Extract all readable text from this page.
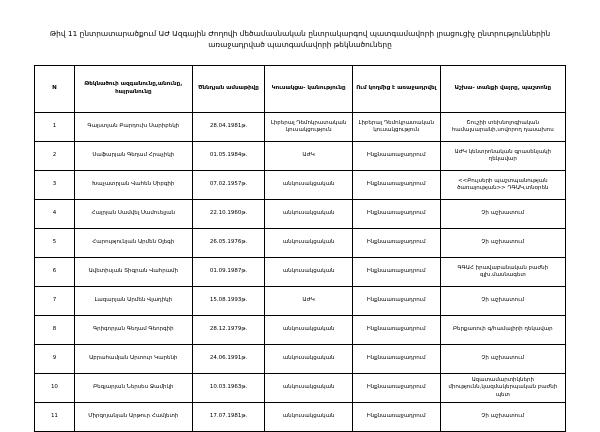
Թիվ 11 ընտրատարածքում ԱԺ Ազգային Ժողովի մեծամասնական ընտրակարգով պատգամավորի լրացուցիչ ընտրություններին առաջադրված պատգամավորի թեկնածուները

N	Թեկնածուի ազգանունը,անունը, հայրանունը	Ծննդյան ամսաթիվը	Կուսակցա- կանությունը	Ում կողմից է առաջադրվել	Աշխա- տանքի վայրը, պաշտոնը
1	Գալստյան Բարդուխ Սարիբեկի	28.04.1981թ.	Լիբերալ Դեմոկրատական կուսակցություն	Լիբերալ Դեմոկրատական կուսակցություն	Շուշիի տեխնոլոգիական համալսարանի,սովորող դասախոս
2	Սաֆարյան Գեղամ Հրաչիկի	01.05.1984թ.	ԱԺԿ	Ինքնաառաջադրում	ԱԺԿ կենտրոնական գրասենյակի ղեկավար
3	Խաչատրյան Վահեն Սիբգիի	07.02.1957թ.	անկուսակցական	Ինքնաառաջադրում	<<Բույսերի պաշտպանության ծառայության>> ԴԳԱԿ,տնօրեն
4	Հայրյան Սամվել Սամուելյան	22.10.1960թ.	անկուսակցական	Ինքնաառաջադրում	Չի աշխատում
5	Հարությունյան Արմեն Օլեգի	26.05.1976թ.	անկուսակցական	Ինքնաառաջադրում	Չի աշխատում
6	Ավետիսյան Տիգրան Վահրամի	01.09.1987թ.	անկուսակցական	Ինքնաառաջադրում	ԳԳԱՀ իրավաբանական բաժնի գլխ.մասնագետ
7	Լազարյան Արմեն Վլադիկի	15.08.1993թ.	ԱԺԿ	Ինքնաառաջադրում	Չի աշխատում
8	Գրիգորյան Գեղամ Գեորգիի	28.12.1979թ.	անկուսակցական	Ինքնաառաջադրում	Բերքառուի գ/համալիրի ղեկավար
9	Աբրահամյան Արտուր Կարենի	24.06.1991թ.	անկուսակցական	Ինքնաառաջադրում	Չի աշխատում
10	Բեգյարյան Ներսես Ջամիկի	10.03.1963թ.	անկուսակցական	Ինքնաառաջադրում	Ազատամարտիկների միությունն,կազմակերպական բաժնի պետ
11	Միրզոյանյան Արթուր Համլետի	17.07.1981թ.	անկուսակցական	Ինքնաառաջադրում	Չի աշխատում
